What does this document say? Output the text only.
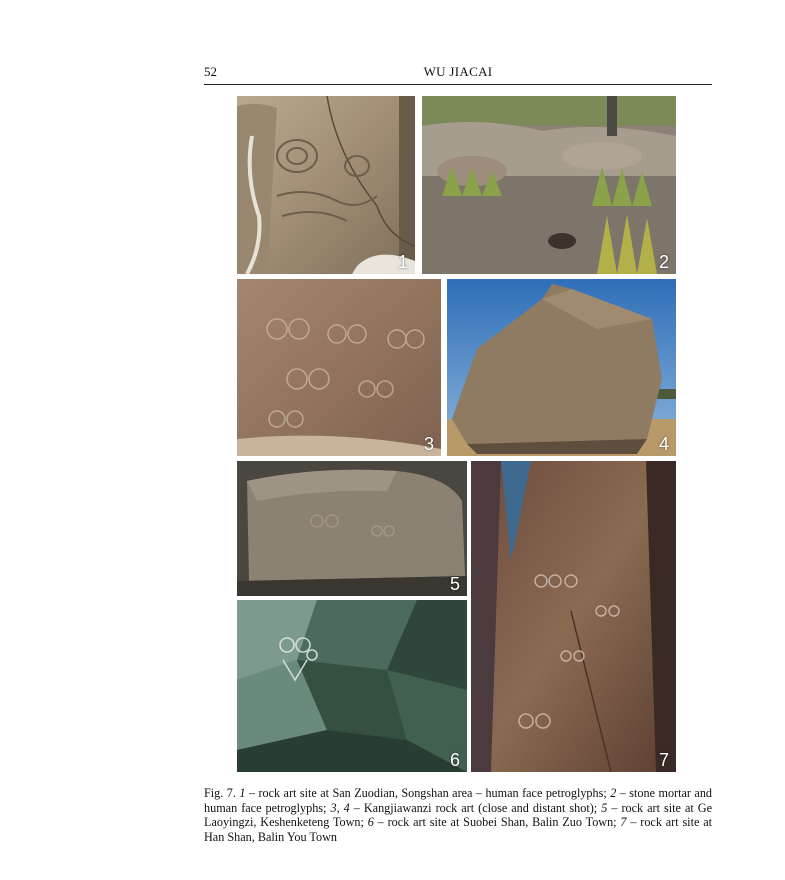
52	WU JIACAI
1	2
3	4
5
6	7
Fig. 7. 1 – rock art site at San Zuodian, Songshan area – human face petroglyphs; 2 – stone mortar and human face petroglyphs; 3, 4 – Kangjiawanzi rock art (close and distant shot); 5 – rock art site at Ge Laoyingzi, Keshenketeng Town; 6 – rock art site at Suobei Shan, Balin Zuo Town; 7 – rock art site at Han Shan, Balin You Town
